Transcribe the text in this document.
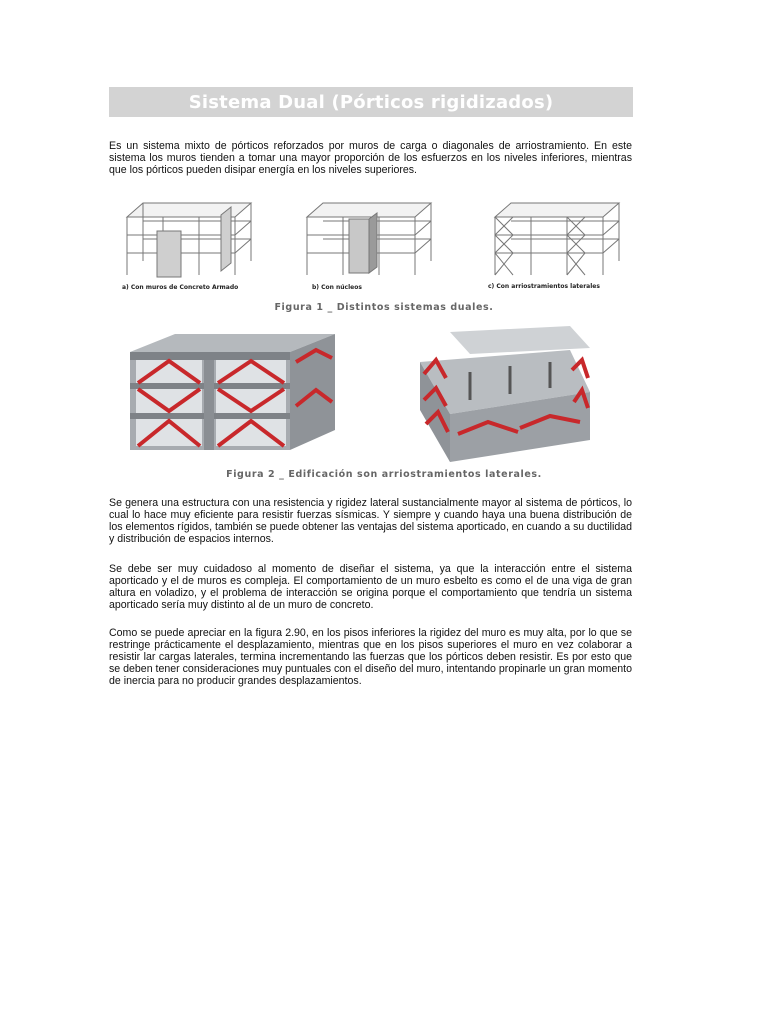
Sistema Dual (Pórticos rigidizados)

Es un sistema mixto de pórticos reforzados por muros de carga o diagonales de arriostramiento. En este sistema los muros tienden a tomar una mayor proporción de los esfuerzos en los niveles inferiores, mientras que los pórticos pueden disipar energía en los niveles superiores.

a) Con muros de Concreto Armado	b) Con núcleos	c) Con arriostramientos laterales
Figura 1 _ Distintos sistemas duales.
Figura 2 _ Edificación son arriostramientos laterales.

Se genera una estructura con una resistencia y rigidez lateral sustancialmente mayor al sistema de pórticos, lo cual lo hace muy eficiente para resistir fuerzas sísmicas. Y siempre y cuando haya una buena distribución de los elementos rígidos, también se puede obtener las ventajas del sistema aporticado, en cuando a su ductilidad y distribución de espacios internos.

Se debe ser muy cuidadoso al momento de diseñar el sistema, ya que la interacción entre el sistema aporticado y el de muros es compleja. El comportamiento de un muro esbelto es como el de una viga de gran altura en voladizo, y el problema de interacción se origina porque el comportamiento que tendría un sistema aporticado sería muy distinto al de un muro de concreto.

Como se puede apreciar en la figura 2.90, en los pisos inferiores la rigidez del muro es muy alta, por lo que se restringe prácticamente el desplazamiento, mientras que en los pisos superiores el muro en vez colaborar a resistir lar cargas laterales, termina incrementando las fuerzas que los pórticos deben resistir. Es por esto que se deben tener consideraciones muy puntuales con el diseño del muro, intentando propinarle un gran momento de inercia para no producir grandes desplazamientos.
